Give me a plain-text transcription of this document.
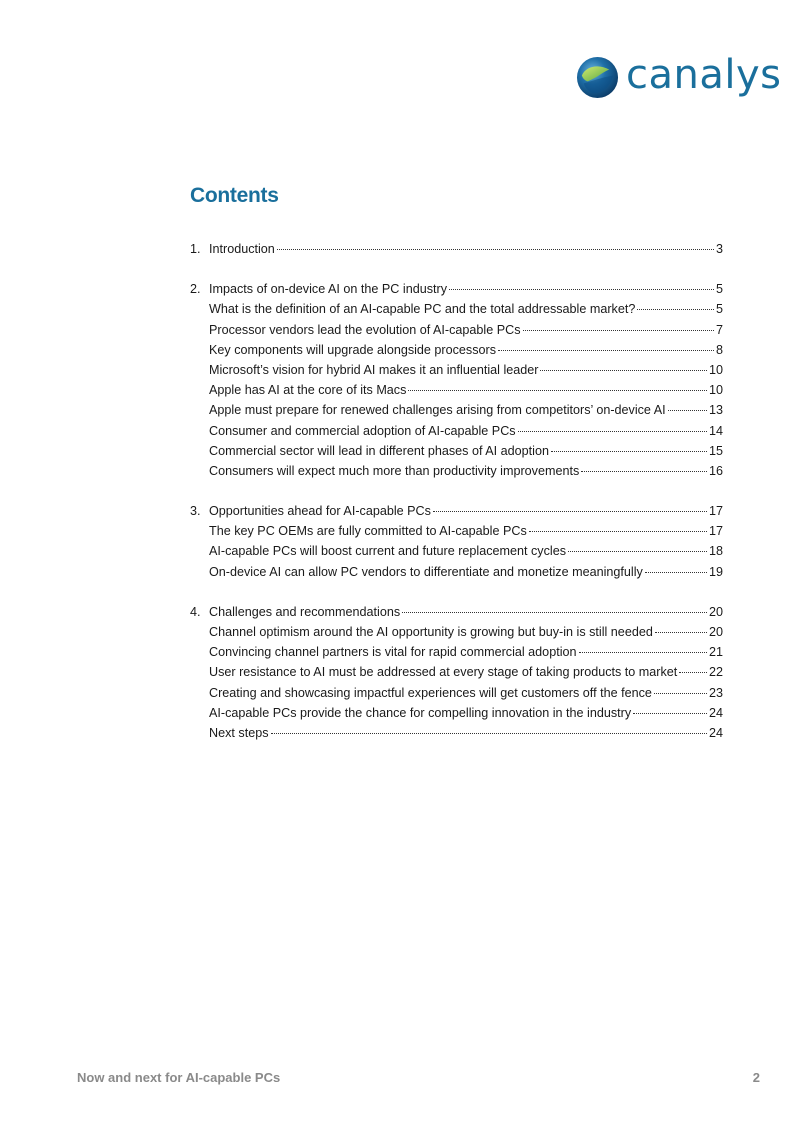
canalys
Contents
1. Introduction	3
2. Impacts of on-device AI on the PC industry	5
What is the definition of an AI-capable PC and the total addressable market?	5
Processor vendors lead the evolution of AI-capable PCs	7
Key components will upgrade alongside processors	8
Microsoft’s vision for hybrid AI makes it an influential leader	10
Apple has AI at the core of its Macs	10
Apple must prepare for renewed challenges arising from competitors’ on-device AI	13
Consumer and commercial adoption of AI-capable PCs	14
Commercial sector will lead in different phases of AI adoption	15
Consumers will expect much more than productivity improvements	16
3. Opportunities ahead for AI-capable PCs	17
The key PC OEMs are fully committed to AI-capable PCs	17
AI-capable PCs will boost current and future replacement cycles	18
On-device AI can allow PC vendors to differentiate and monetize meaningfully	19
4. Challenges and recommendations	20
Channel optimism around the AI opportunity is growing but buy-in is still needed	20
Convincing channel partners is vital for rapid commercial adoption	21
User resistance to AI must be addressed at every stage of taking products to market	22
Creating and showcasing impactful experiences will get customers off the fence	23
AI-capable PCs provide the chance for compelling innovation in the industry	24
Next steps	24
Now and next for AI-capable PCs	2
